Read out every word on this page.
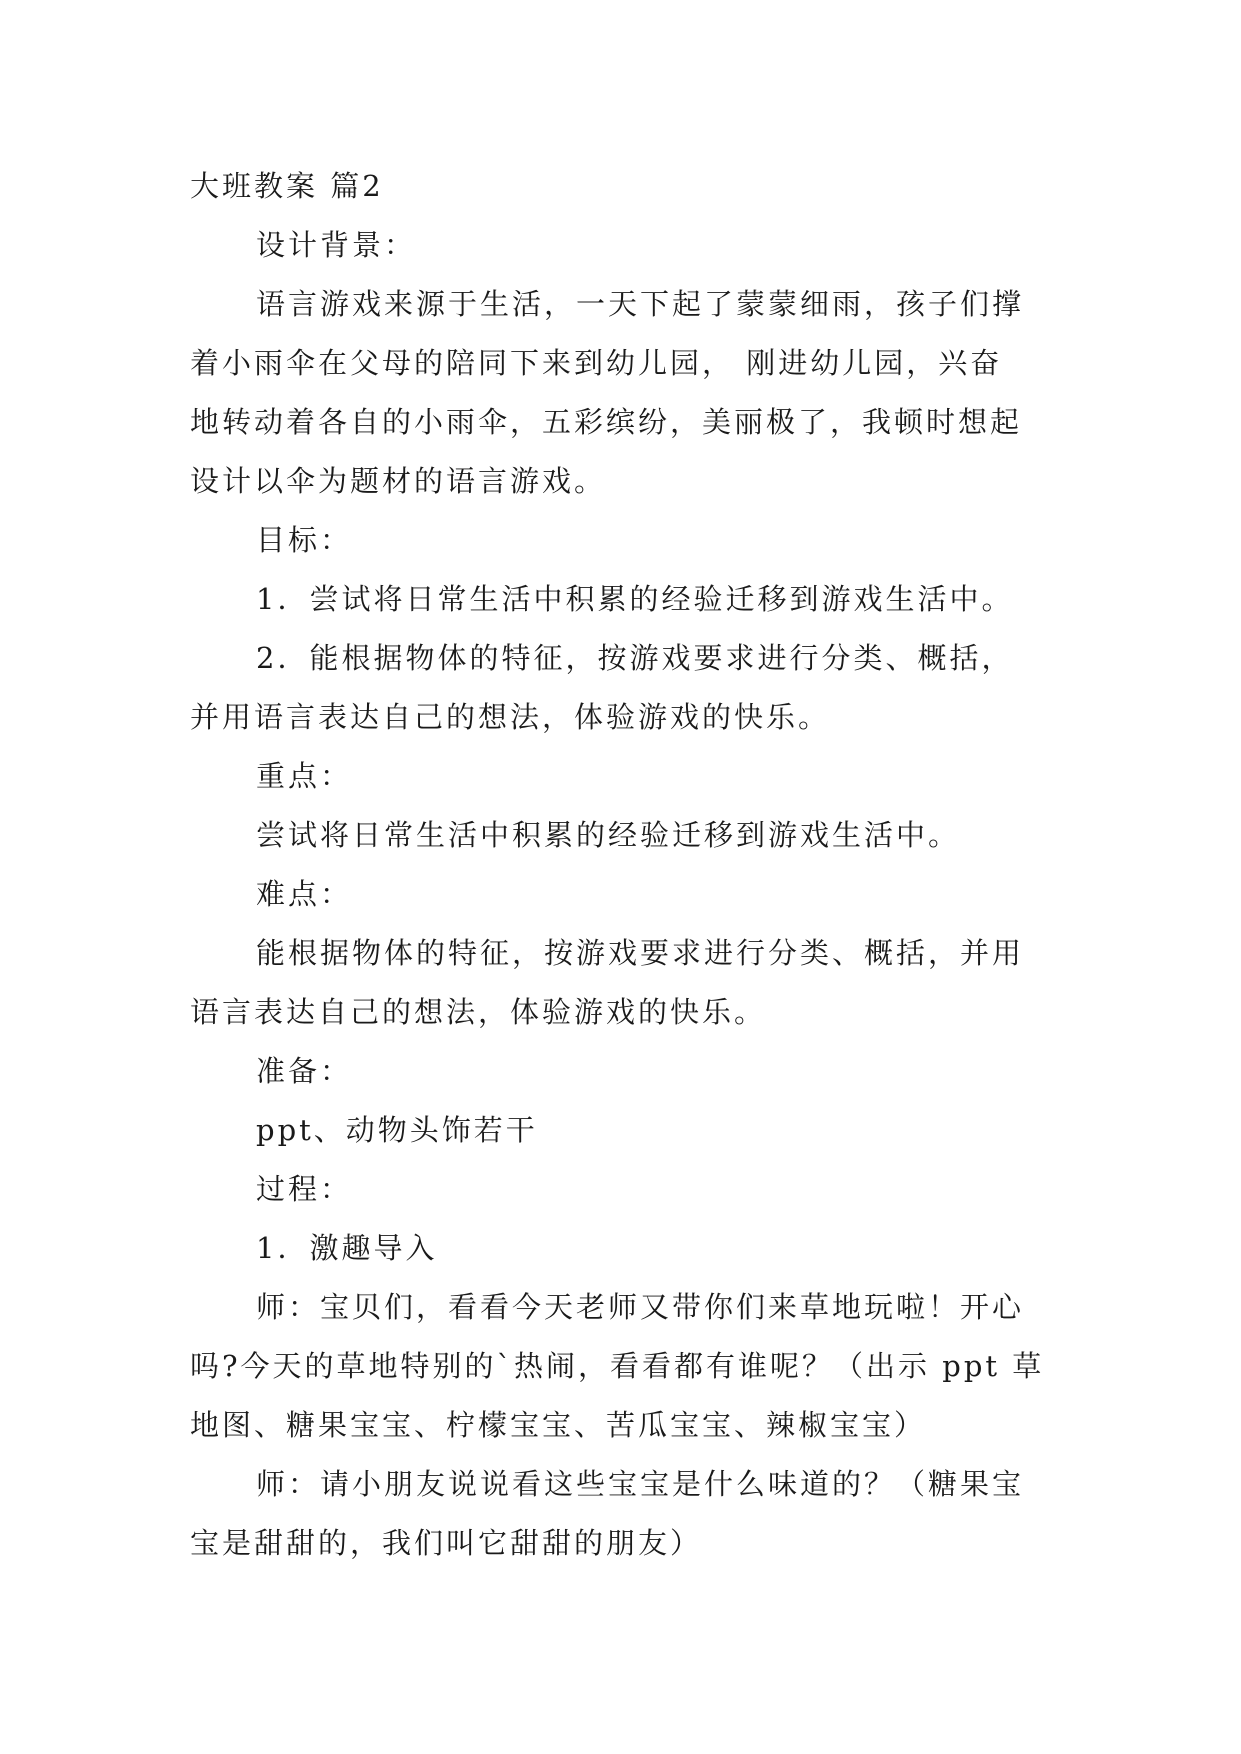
大班教案 篇2
设计背景：
语言游戏来源于生活，一天下起了蒙蒙细雨，孩子们撑
着小雨伞在父母的陪同下来到幼儿园， 刚进幼儿园，兴奋
地转动着各自的小雨伞，五彩缤纷，美丽极了，我顿时想起
设计以伞为题材的语言游戏。
目标：
1．尝试将日常生活中积累的经验迁移到游戏生活中。
2．能根据物体的特征，按游戏要求进行分类、概括，
并用语言表达自己的想法，体验游戏的快乐。
重点：
尝试将日常生活中积累的经验迁移到游戏生活中。
难点：
能根据物体的特征，按游戏要求进行分类、概括，并用
语言表达自己的想法，体验游戏的快乐。
准备：
ppt、动物头饰若干
过程：
1．激趣导入
师：宝贝们，看看今天老师又带你们来草地玩啦！开心
吗?今天的草地特别的`热闹，看看都有谁呢？（出示 ppt 草
地图、糖果宝宝、柠檬宝宝、苦瓜宝宝、辣椒宝宝）
师：请小朋友说说看这些宝宝是什么味道的？（糖果宝
宝是甜甜的，我们叫它甜甜的朋友）
